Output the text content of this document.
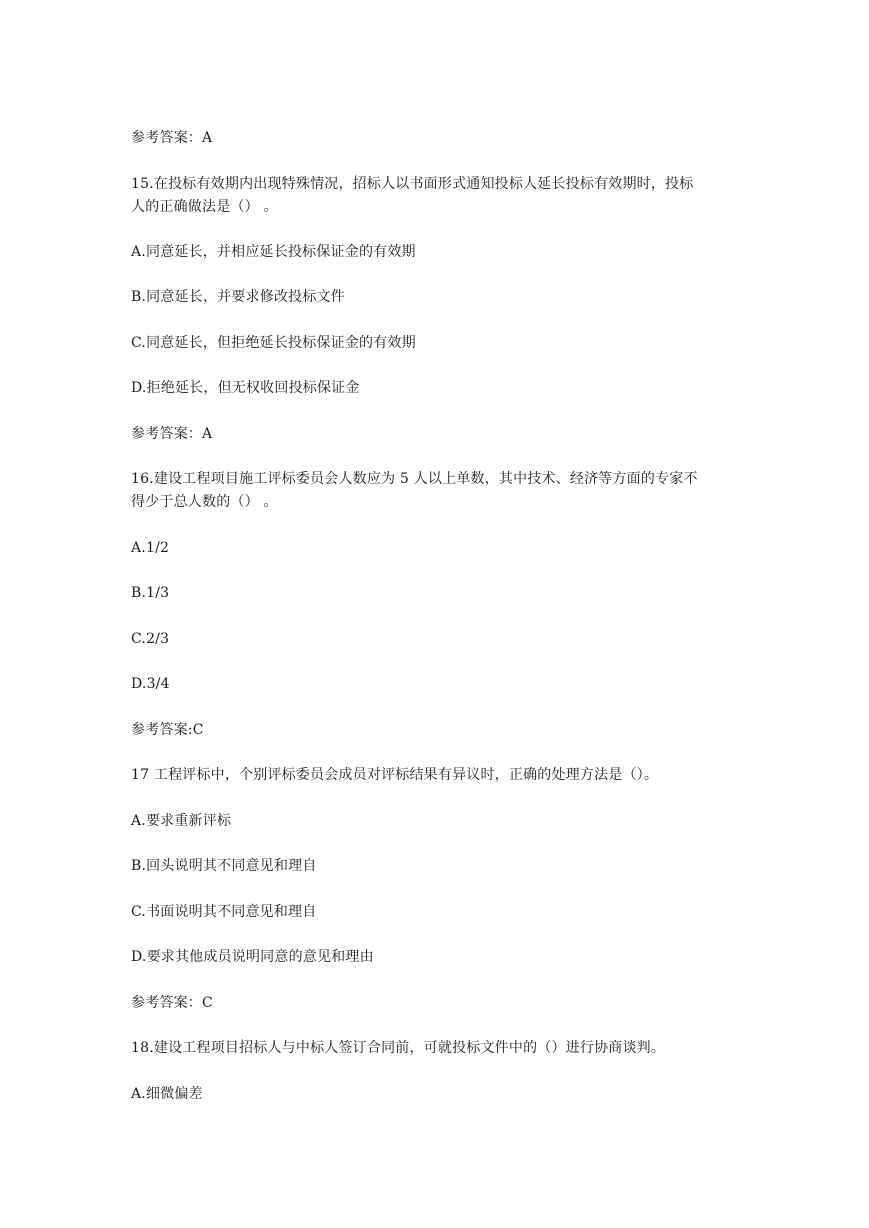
参考答案：A
15.在投标有效期内出现特殊情况，招标人以书面形式通知投标人延长投标有效期时，投标
人的正确做法是（） 。
A.同意延长，并相应延长投标保证金的有效期
B.同意延长，并要求修改投标文件
C.同意延长，但拒绝延长投标保证金的有效期
D.拒绝延长，但无权收回投标保证金
参考答案：A
16.建设工程项目施工评标委员会人数应为 5 人以上单数，其中技术、经济等方面的专家不
得少于总人数的（） 。
A.1/2
B.1/3
C.2/3
D.3/4
参考答案:C
17 工程评标中，个别评标委员会成员对评标结果有异议时，正确的处理方法是（）。
A.要求重新评标
B.回头说明其不同意见和理自
C.书面说明其不同意见和理自
D.要求其他成员说明同意的意见和理由
参考答案：C
18.建设工程项目招标人与中标人签订合同前，可就投标文件中的（）进行协商谈判。
A.细微偏差
